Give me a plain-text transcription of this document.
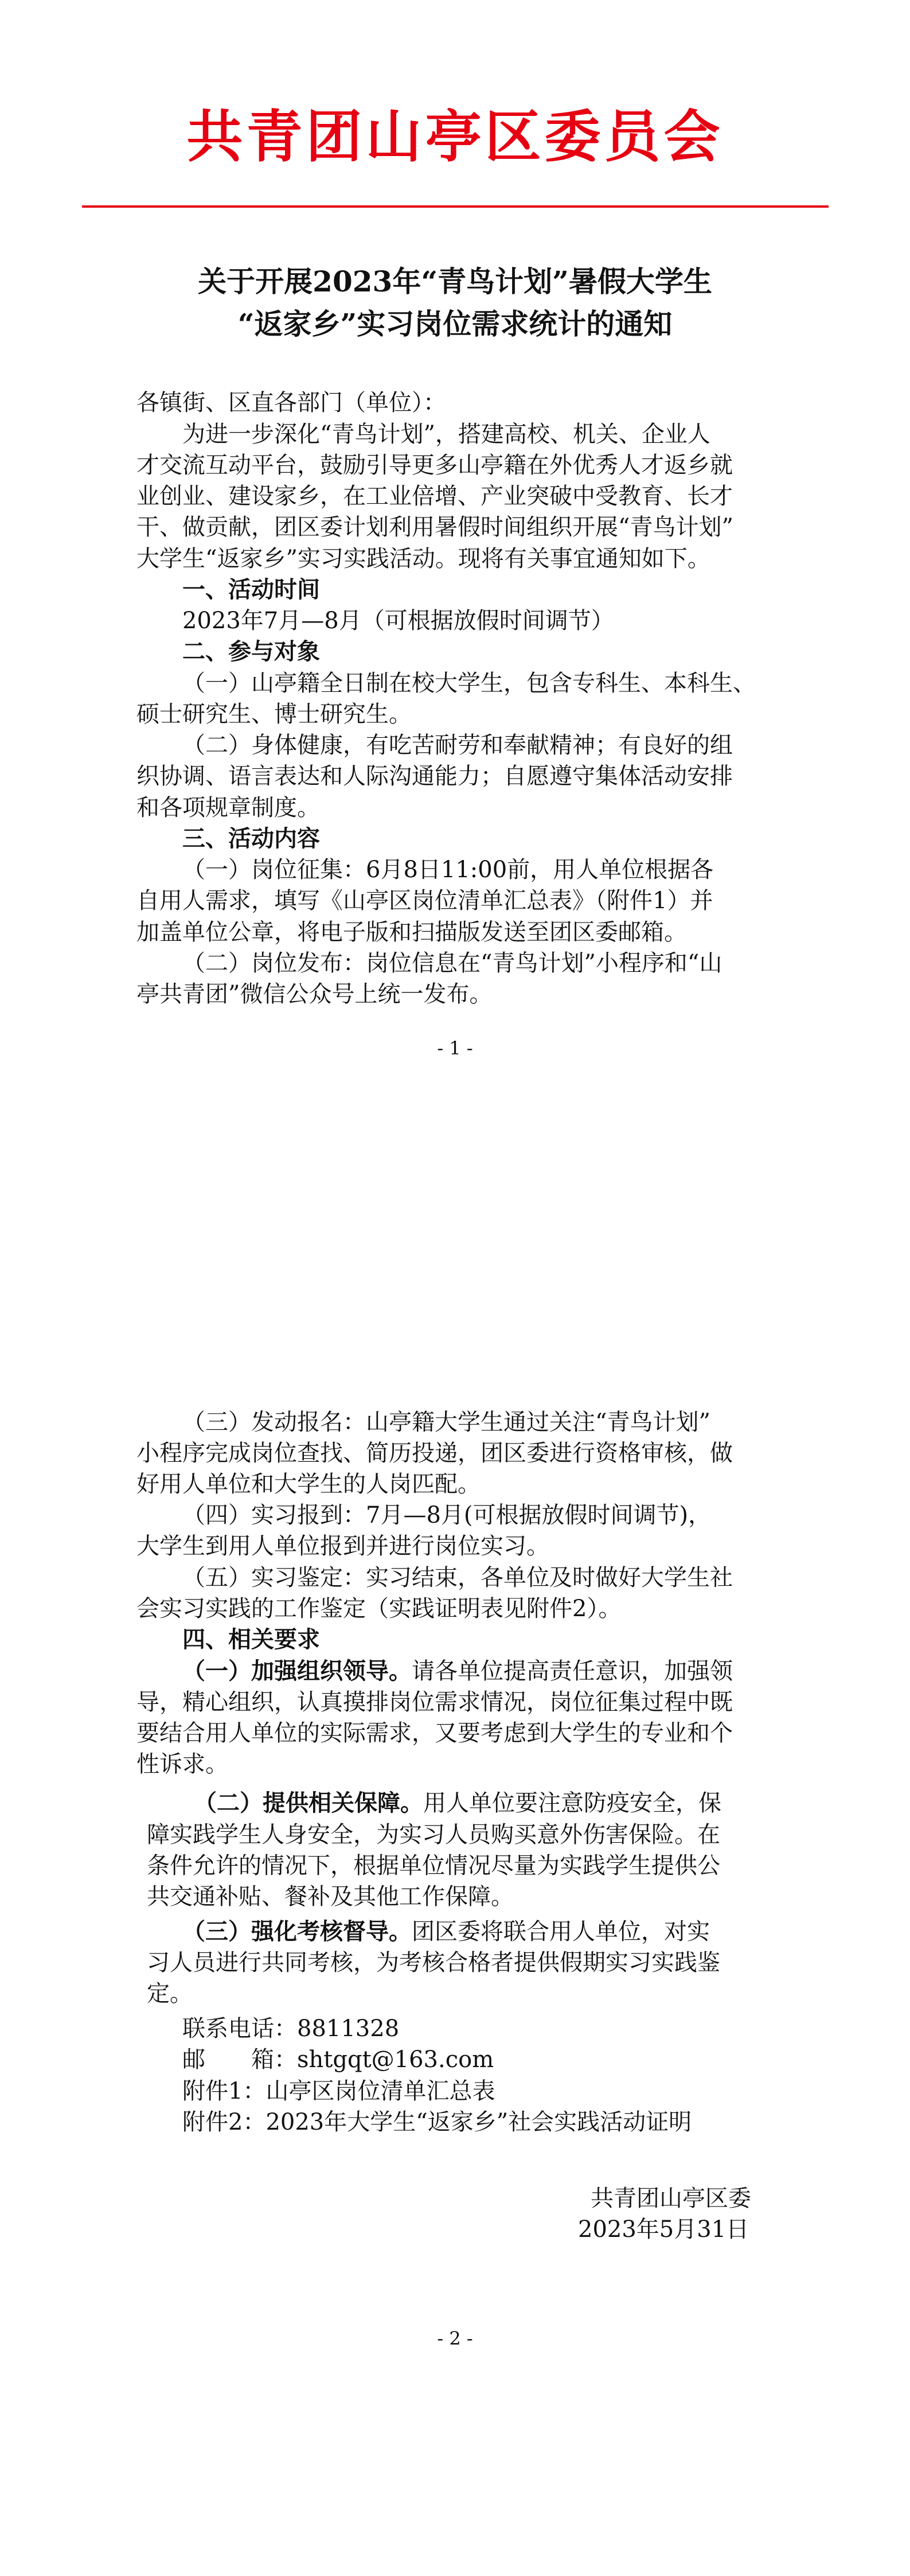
共青团山亭区委员会
关于开展2023年“青鸟计划”暑假大学生
“返家乡”实习岗位需求统计的通知
各镇街、区直各部门（单位）：
为进一步深化“青鸟计划”，搭建高校、机关、企业人
才交流互动平台，鼓励引导更多山亭籍在外优秀人才返乡就
业创业、建设家乡，在工业倍增、产业突破中受教育、长才
干、做贡献，团区委计划利用暑假时间组织开展“青鸟计划”
大学生“返家乡”实习实践活动。现将有关事宜通知如下。
一、活动时间
2023年7月—8月（可根据放假时间调节）
二、参与对象
（一）山亭籍全日制在校大学生，包含专科生、本科生、
硕士研究生、博士研究生。
（二）身体健康，有吃苦耐劳和奉献精神；有良好的组
织协调、语言表达和人际沟通能力；自愿遵守集体活动安排
和各项规章制度。
三、活动内容
（一）岗位征集：6月8日11:00前，用人单位根据各
自用人需求，填写《山亭区岗位清单汇总表》（附件1）并
加盖单位公章，将电子版和扫描版发送至团区委邮箱。
（二）岗位发布：岗位信息在“青鸟计划”小程序和“山
亭共青团”微信公众号上统一发布。
- 1 -
（三）发动报名：山亭籍大学生通过关注“青鸟计划”
小程序完成岗位查找、简历投递，团区委进行资格审核，做
好用人单位和大学生的人岗匹配。
（四）实习报到：7月—8月(可根据放假时间调节)，
大学生到用人单位报到并进行岗位实习。
（五）实习鉴定：实习结束，各单位及时做好大学生社
会实习实践的工作鉴定（实践证明表见附件2）。
四、相关要求
（一）加强组织领导。请各单位提高责任意识，加强领
导，精心组织，认真摸排岗位需求情况，岗位征集过程中既
要结合用人单位的实际需求，又要考虑到大学生的专业和个
性诉求。
（二）提供相关保障。用人单位要注意防疫安全，保
障实践学生人身安全，为实习人员购买意外伤害保险。在
条件允许的情况下，根据单位情况尽量为实践学生提供公
共交通补贴、餐补及其他工作保障。
（三）强化考核督导。团区委将联合用人单位，对实
习人员进行共同考核，为考核合格者提供假期实习实践鉴
定。
联系电话：8811328
邮　　箱：shtgqt@163.com
附件1：山亭区岗位清单汇总表
附件2：2023年大学生“返家乡”社会实践活动证明
共青团山亭区委
2023年5月31日
- 2 -
